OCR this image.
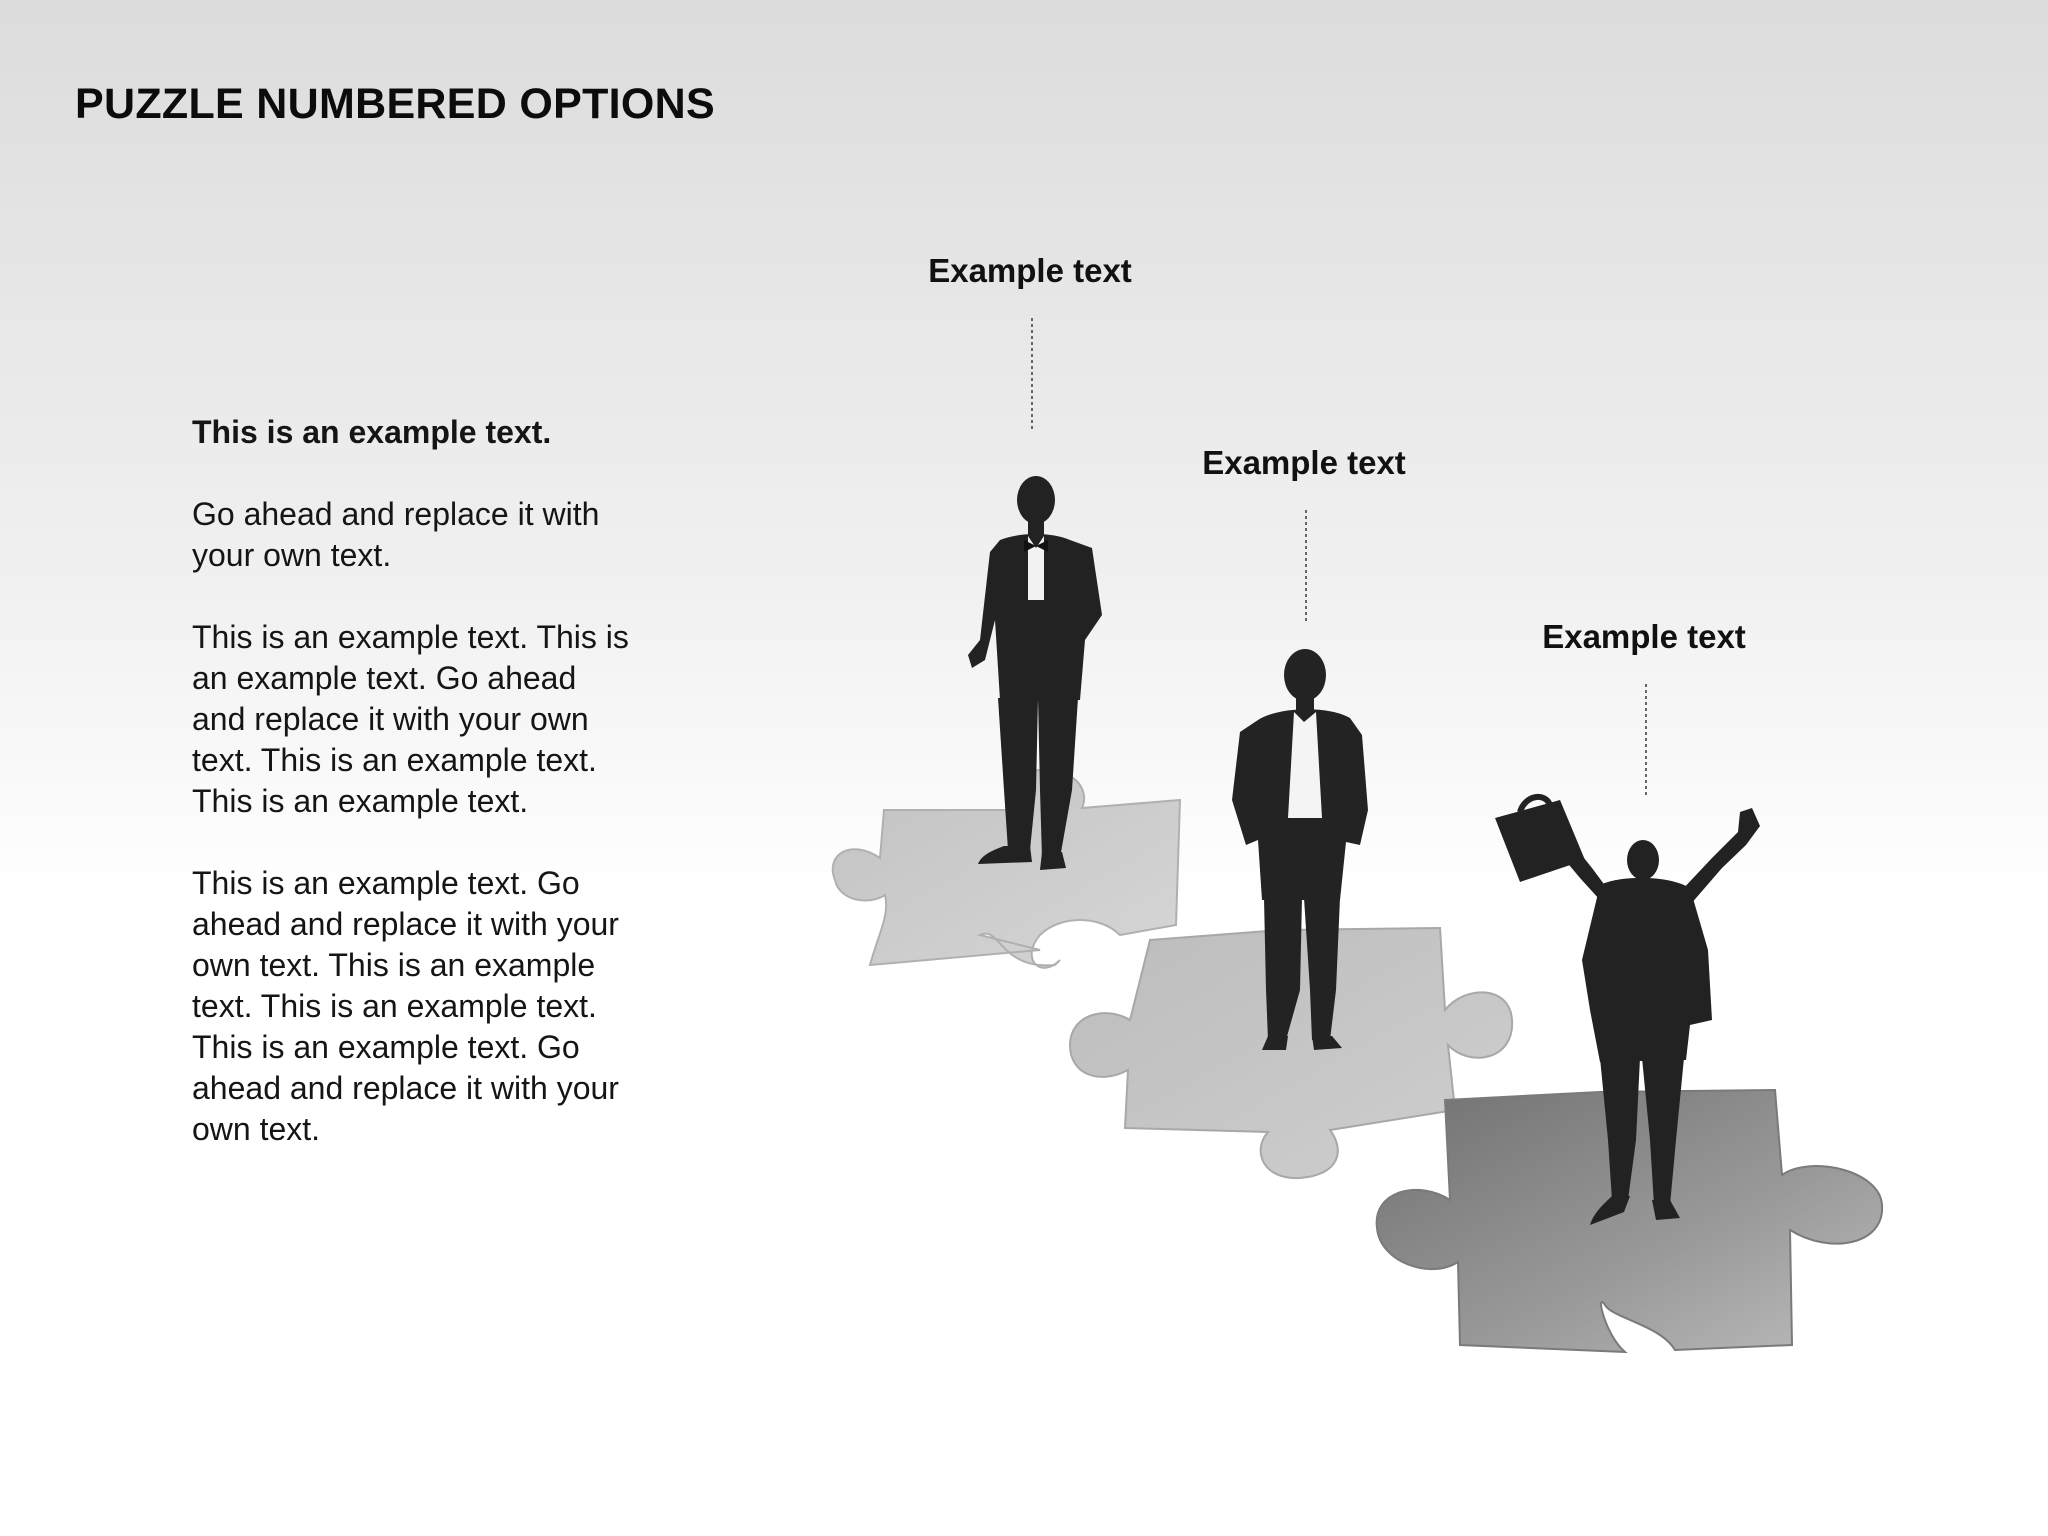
PUZZLE NUMBERED OPTIONS

This is an example text.

Go ahead and replace it with your own text.

This is an example text. This is an example text. Go ahead and replace it with your own text. This is an example text. This is an example text.

This is an example text. Go ahead and replace it with your own text. This is an example text. This is an example text. This is an example text. Go ahead and replace it with your own text.

Example text
Example text
Example text
